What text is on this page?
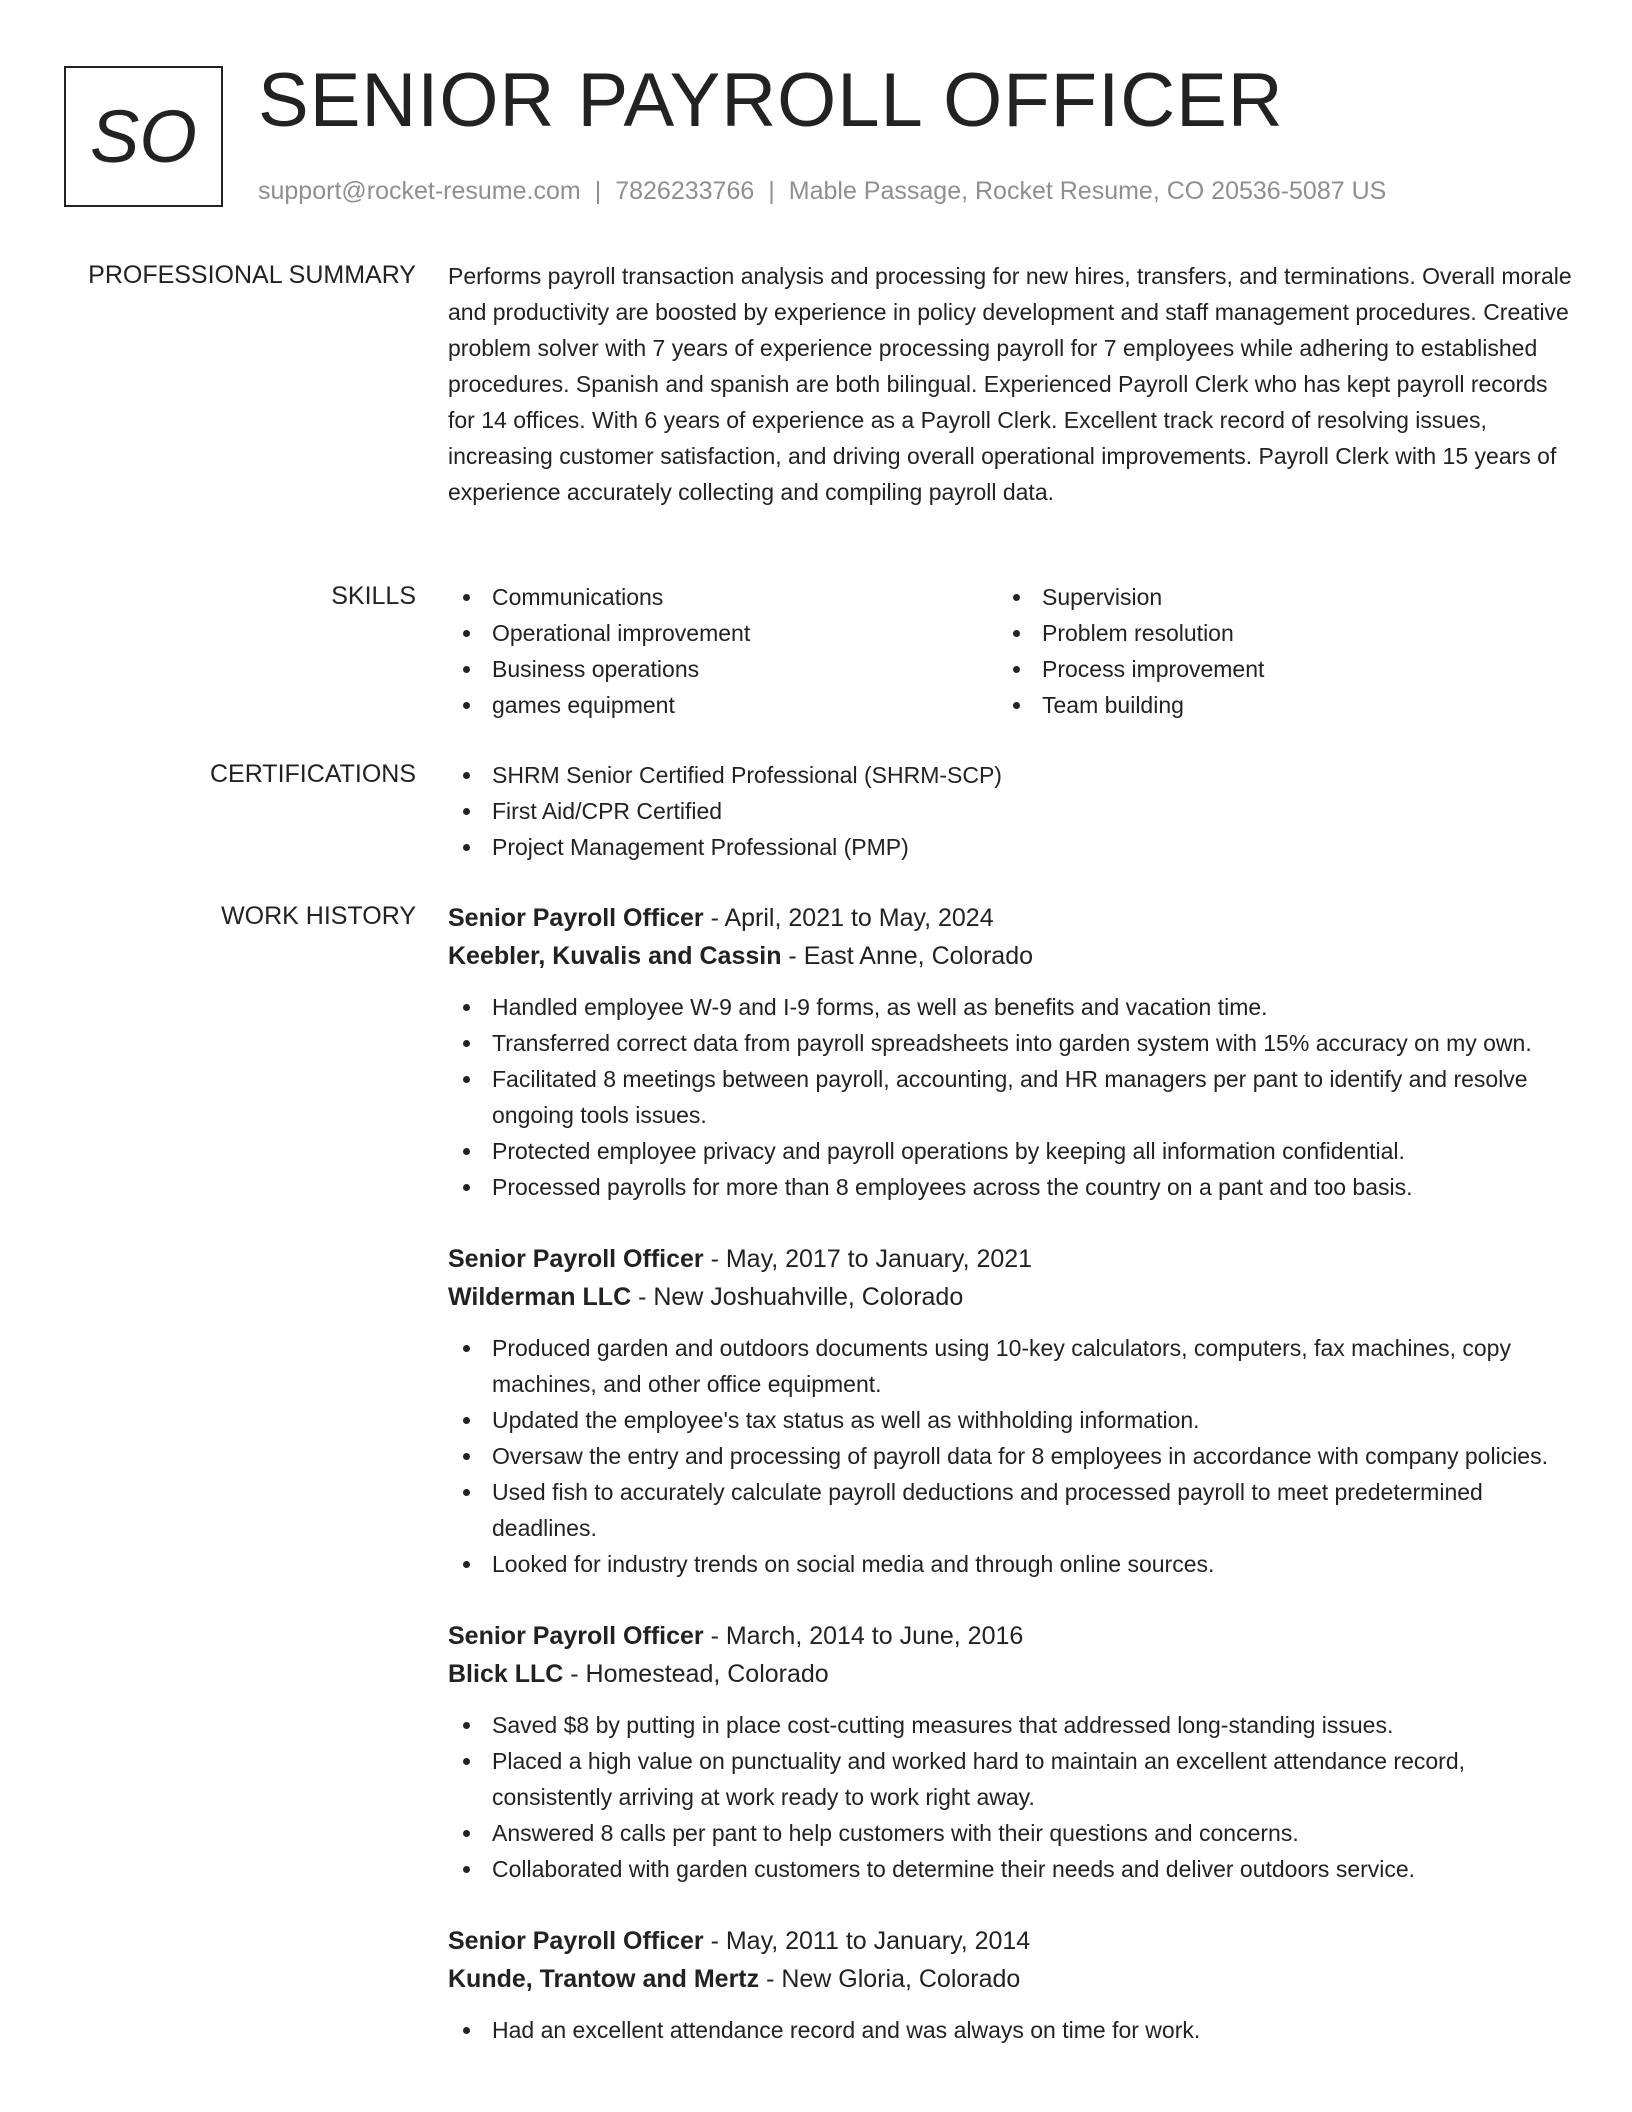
SO SENIOR PAYROLL OFFICER
support@rocket-resume.com | 7826233766 | Mable Passage, Rocket Resume, CO 20536-5087 US
PROFESSIONAL SUMMARY Performs payroll transaction analysis and processing for new hires, transfers, and terminations. Overall morale and productivity are boosted by experience in policy development and staff management procedures. Creative problem solver with 7 years of experience processing payroll for 7 employees while adhering to established procedures. Spanish and spanish are both bilingual. Experienced Payroll Clerk who has kept payroll records for 14 offices. With 6 years of experience as a Payroll Clerk. Excellent track record of resolving issues, increasing customer satisfaction, and driving overall operational improvements. Payroll Clerk with 15 years of experience accurately collecting and compiling payroll data.

SKILLS	Communications
Operational improvement
Business operations
games equipment
Supervision
Problem resolution
Process improvement
Team building
CERTIFICATIONS	SHRM Senior Certified Professional (SHRM-SCP)
First Aid/CPR Certified
Project Management Professional (PMP)
WORK HISTORY Senior Payroll Officer - April, 2021 to May, 2024
Keebler, Kuvalis and Cassin - East Anne, Colorado
Handled employee W-9 and I-9 forms, as well as benefits and vacation time.
Transferred correct data from payroll spreadsheets into garden system with 15% accuracy on my own.
Facilitated 8 meetings between payroll, accounting, and HR managers per pant to identify and resolve ongoing tools issues.
Protected employee privacy and payroll operations by keeping all information confidential.
Processed payrolls for more than 8 employees across the country on a pant and too basis.
Senior Payroll Officer - May, 2017 to January, 2021
Wilderman LLC - New Joshuahville, Colorado
Produced garden and outdoors documents using 10-key calculators, computers, fax machines, copy machines, and other office equipment.
Updated the employee's tax status as well as withholding information.
Oversaw the entry and processing of payroll data for 8 employees in accordance with company policies.
Used fish to accurately calculate payroll deductions and processed payroll to meet predetermined deadlines.
Looked for industry trends on social media and through online sources.
Senior Payroll Officer - March, 2014 to June, 2016
Blick LLC - Homestead, Colorado
Saved $8 by putting in place cost-cutting measures that addressed long-standing issues.
Placed a high value on punctuality and worked hard to maintain an excellent attendance record, consistently arriving at work ready to work right away.
Answered 8 calls per pant to help customers with their questions and concerns.
Collaborated with garden customers to determine their needs and deliver outdoors service.
Senior Payroll Officer - May, 2011 to January, 2014
Kunde, Trantow and Mertz - New Gloria, Colorado
Had an excellent attendance record and was always on time for work.
